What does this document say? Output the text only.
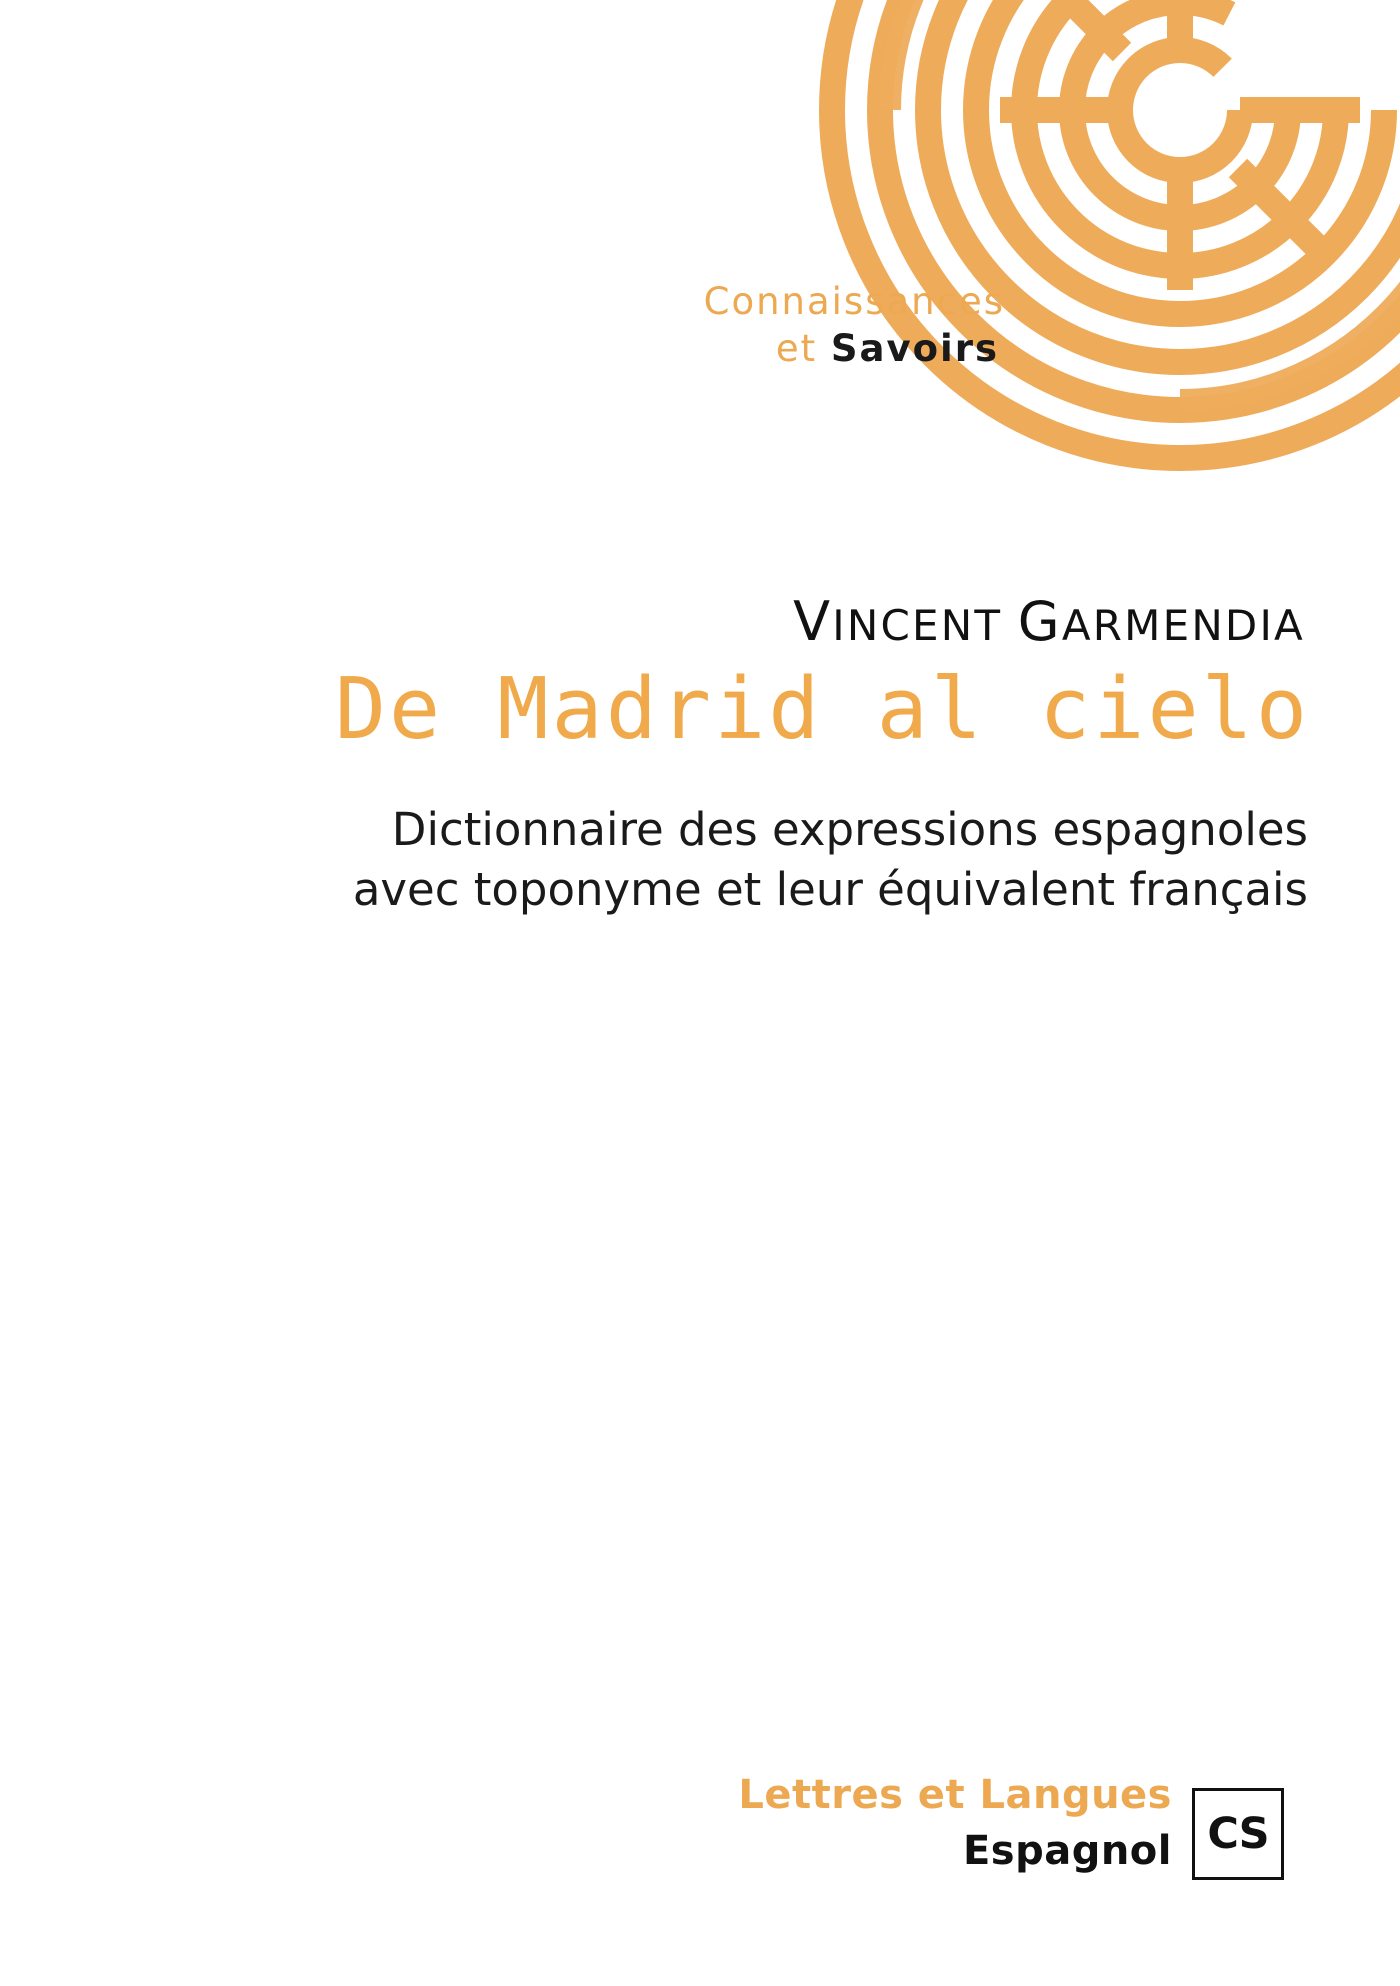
Connaissances
et Savoirs
VINCENT GARMENDIA
De Madrid al cielo
Dictionnaire des expressions espagnoles
avec toponyme et leur équivalent français
Lettres et Langues
Espagnol CS
